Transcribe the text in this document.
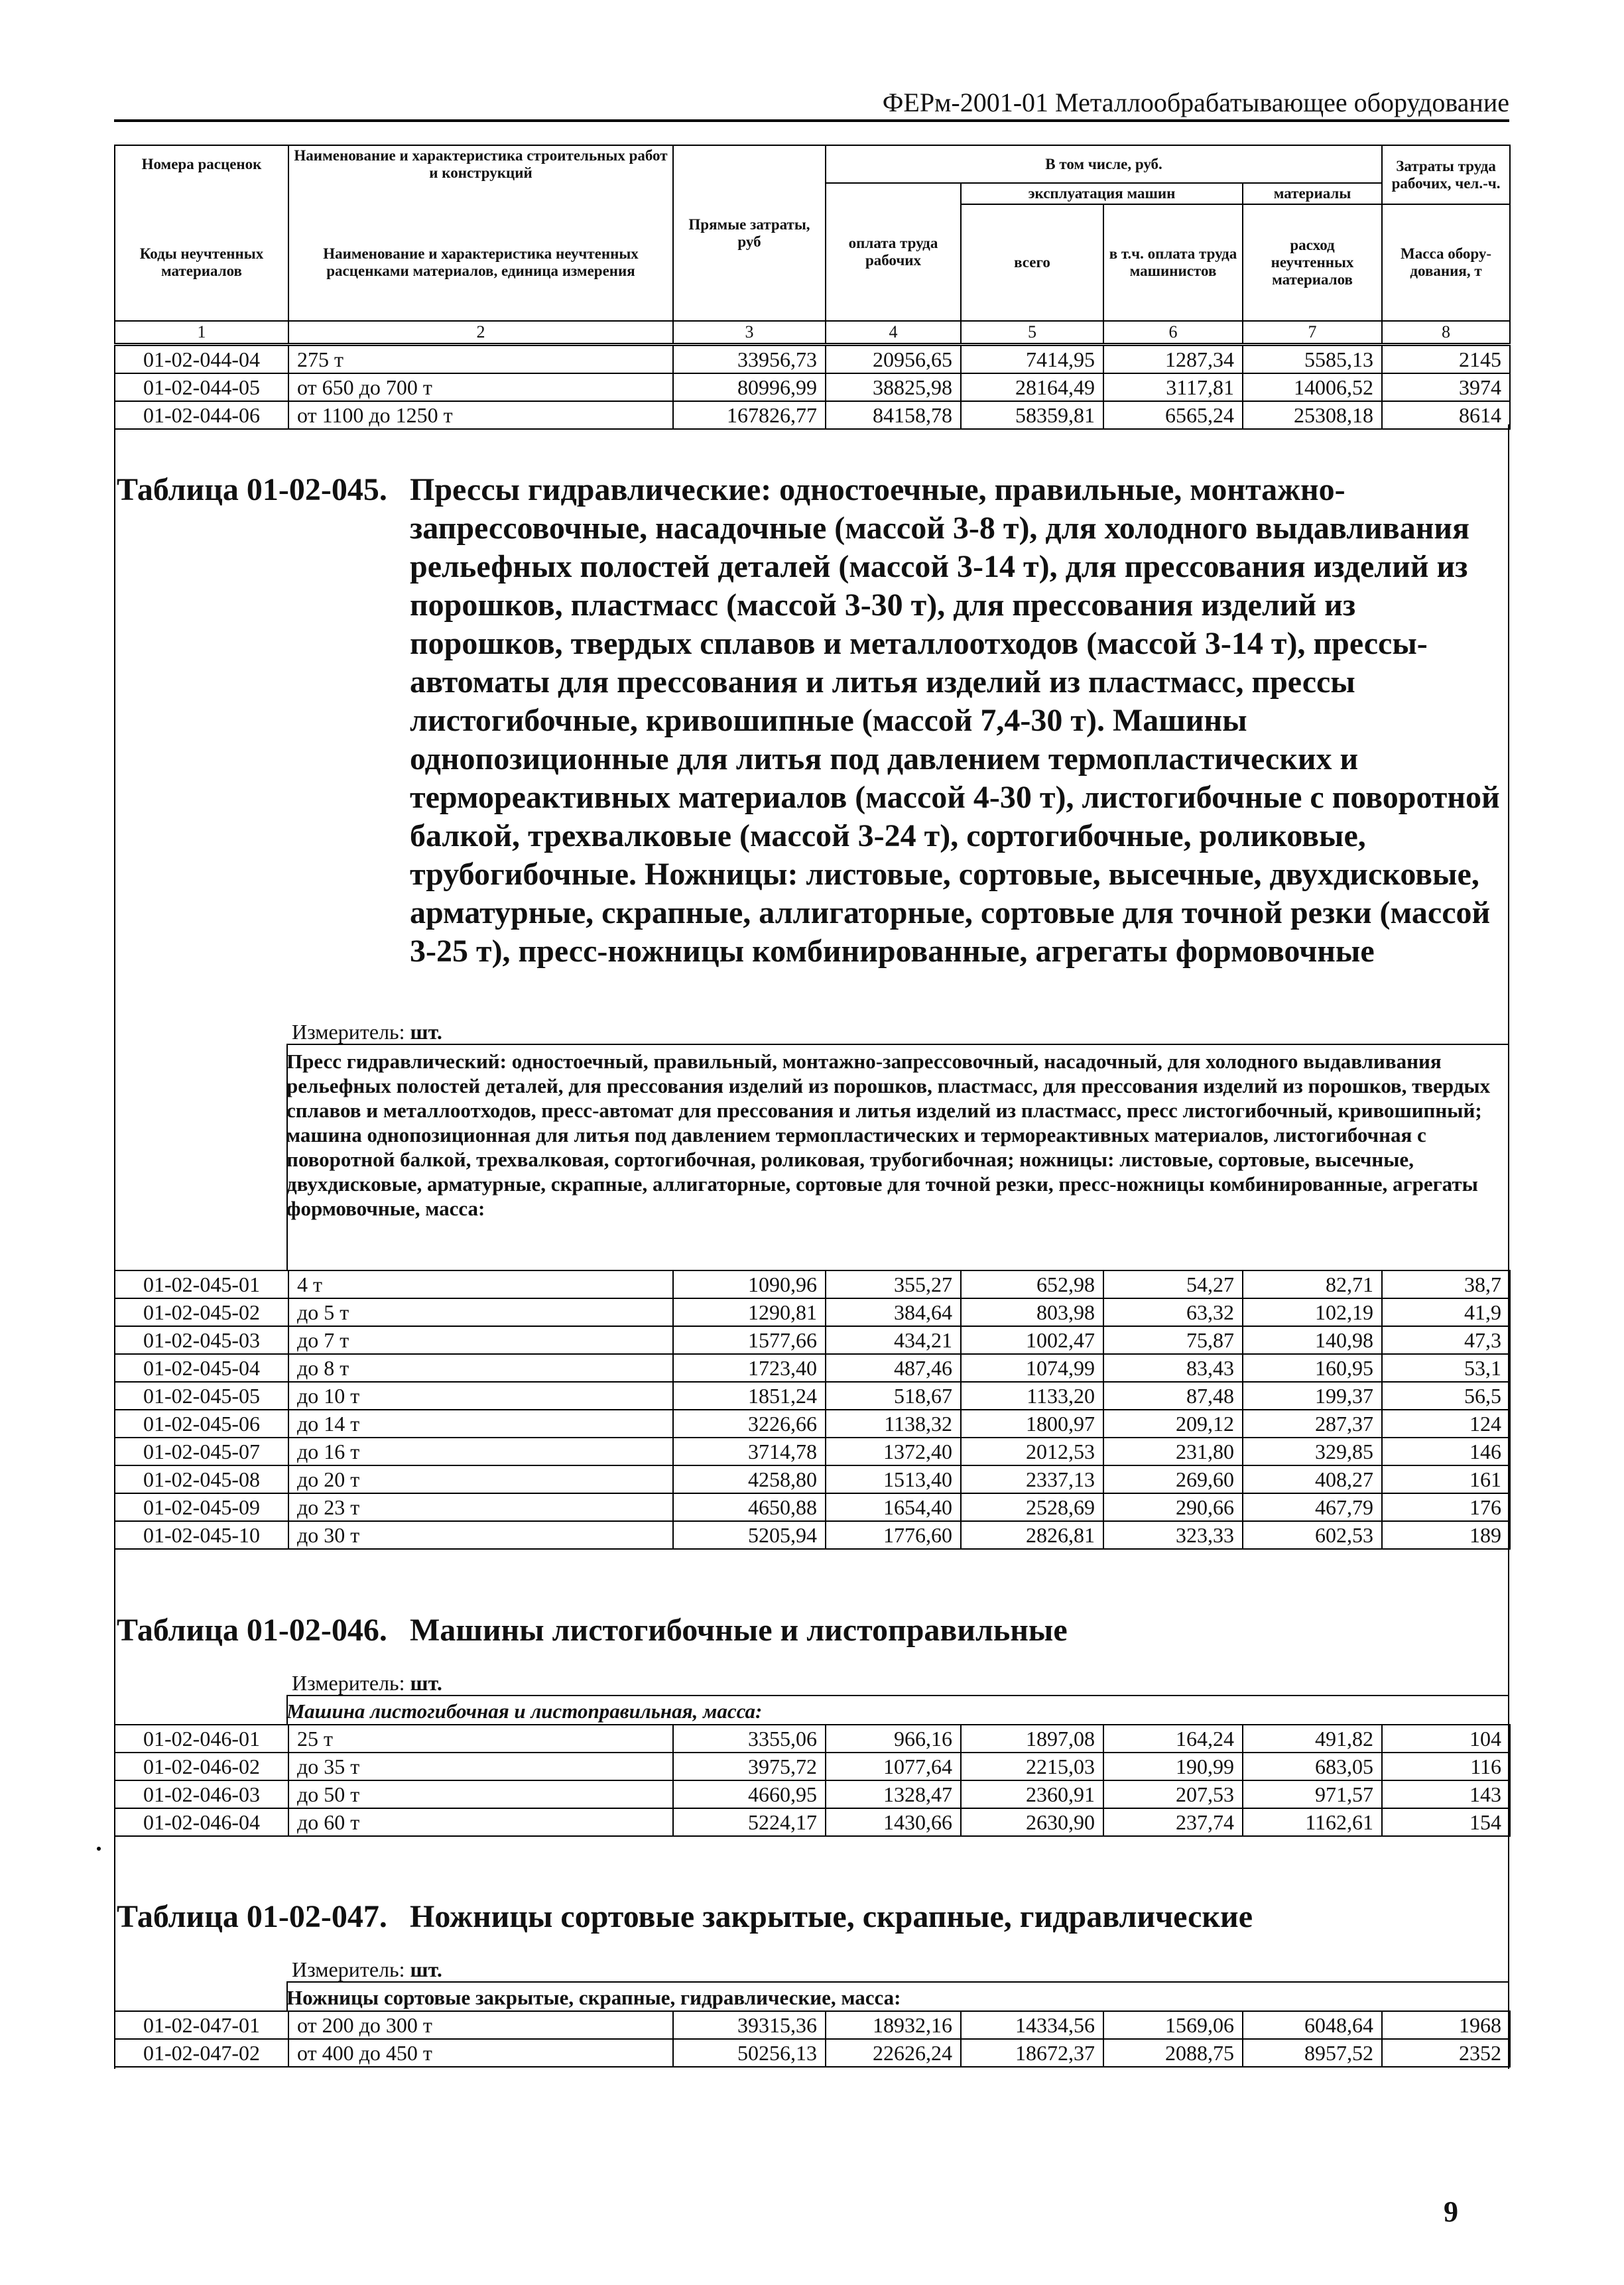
ФЕРм-2001-01 Металлообрабатывающее оборудование
Номера расценок	Наименование и характеристика строительных работ и конструкций	Прямые затраты, руб	В том числе, руб.				Затраты труда рабочих, чел.-ч.
			оплата труда рабочих	эксплуатация машин		материалы	
Коды неучтенных материалов	Наименование и характеристика неучтенных расценками материалов, единица измерения			всего	в т.ч. оплата труда машинистов	расход неучтенных материалов	Масса обору-дования, т
1	2	3	4	5	6	7	8
01-02-044-04	275 т	33956,73	20956,65	7414,95	1287,34	5585,13	2145
01-02-044-05	от 650 до 700 т	80996,99	38825,98	28164,49	3117,81	14006,52	3974
01-02-044-06	от 1100 до 1250 т	167826,77	84158,78	58359,81	6565,24	25308,18	8614
Таблица 01-02-045. Прессы гидравлические: одностоечные, правильные, монтажно-запрессовочные, насадочные (массой 3-8 т), для холодного выдавливания рельефных полостей деталей (массой 3-14 т), для прессования изделий из порошков, пластмасс (массой 3-30 т), для прессования изделий из порошков, твердых сплавов и металлоотходов (массой 3-14 т), прессы-автоматы для прессования и литья изделий из пластмасс, прессы листогибочные, кривошипные (массой 7,4-30 т). Машины однопозиционные для литья под давлением термопластических и термореактивных материалов (массой 4-30 т), листогибочные с поворотной балкой, трехвалковые (массой 3-24 т), сортогибочные, роликовые, трубогибочные. Ножницы: листовые, сортовые, высечные, двухдисковые, арматурные, скрапные, аллигаторные, сортовые для точной резки (массой 3-25 т), пресс-ножницы комбинированные, агрегаты формовочные
Измеритель: шт.
Пресс гидравлический: одностоечный, правильный, монтажно-запрессовочный, насадочный, для холодного выдавливания рельефных полостей деталей, для прессования изделий из порошков, пластмасс, для прессования изделий из порошков, твердых сплавов и металлоотходов, пресс-автомат для прессования и литья изделий из пластмасс, пресс листогибочный, кривошипный; машина однопозиционная для литья под давлением термопластических и термореактивных материалов, листогибочная с поворотной балкой, трехвалковая, сортогибочная, роликовая, трубогибочная; ножницы: листовые, сортовые, высечные, двухдисковые, арматурные, скрапные, аллигаторные, сортовые для точной резки, пресс-ножницы комбинированные, агрегаты формовочные, масса:
01-02-045-01	4 т	1090,96	355,27	652,98	54,27	82,71	38,7
01-02-045-02	до 5 т	1290,81	384,64	803,98	63,32	102,19	41,9
01-02-045-03	до 7 т	1577,66	434,21	1002,47	75,87	140,98	47,3
01-02-045-04	до 8 т	1723,40	487,46	1074,99	83,43	160,95	53,1
01-02-045-05	до 10 т	1851,24	518,67	1133,20	87,48	199,37	56,5
01-02-045-06	до 14 т	3226,66	1138,32	1800,97	209,12	287,37	124
01-02-045-07	до 16 т	3714,78	1372,40	2012,53	231,80	329,85	146
01-02-045-08	до 20 т	4258,80	1513,40	2337,13	269,60	408,27	161
01-02-045-09	до 23 т	4650,88	1654,40	2528,69	290,66	467,79	176
01-02-045-10	до 30 т	5205,94	1776,60	2826,81	323,33	602,53	189
Таблица 01-02-046. Машины листогибочные и листоправильные
Измеритель: шт.
Машина листогибочная и листоправильная, масса:
01-02-046-01	25 т	3355,06	966,16	1897,08	164,24	491,82	104
01-02-046-02	до 35 т	3975,72	1077,64	2215,03	190,99	683,05	116
01-02-046-03	до 50 т	4660,95	1328,47	2360,91	207,53	971,57	143
01-02-046-04	до 60 т	5224,17	1430,66	2630,90	237,74	1162,61	154
Таблица 01-02-047. Ножницы сортовые закрытые, скрапные, гидравлические
Измеритель: шт.
Ножницы сортовые закрытые, скрапные, гидравлические, масса:
01-02-047-01	от 200 до 300 т	39315,36	18932,16	14334,56	1569,06	6048,64	1968
01-02-047-02	от 400 до 450 т	50256,13	22626,24	18672,37	2088,75	8957,52	2352
9
